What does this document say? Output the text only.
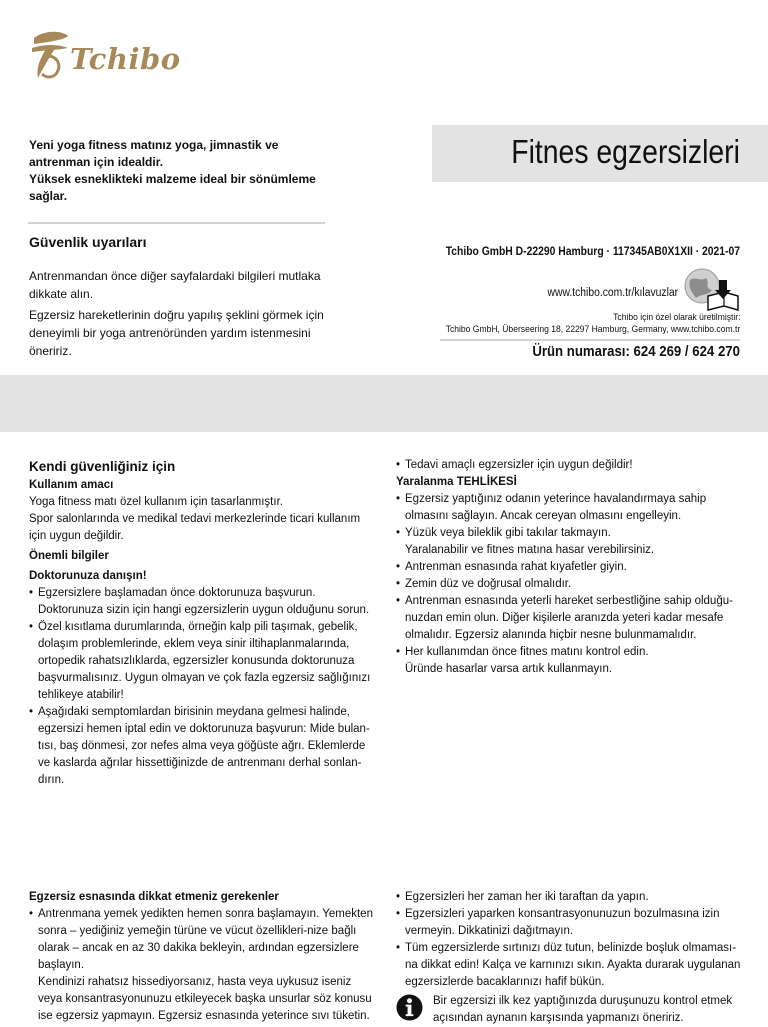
Tchibo

Yeni yoga fitness matınız yoga, jimnastik ve antrenman için idealdir.

Yüksek esneklikteki malzeme ideal bir sönümleme sağlar.

Fitnes egzersizleri
Güvenlik uyarıları

Antrenmandan önce diğer sayfalardaki bilgileri mutlaka dikkate alın.

Egzersiz hareketlerinin doğru yapılış şeklini görmek için deneyimli bir yoga antrenöründen yardım istenmesini öneririz.

Tchibo GmbH D-22290 Hamburg · 117345AB0X1XII · 2021-07
www.tchibo.com.tr/kılavuzlar
Tchibo için özel olarak üretilmiştir:
Tchibo GmbH, Überseering 18, 22297 Hamburg, Germany, www.tchibo.com.tr
Ürün numarası: 624 269 / 624 270

Kendi güvenliğiniz için

Kullanım amacı

Yoga fitness matı özel kullanım için tasarlanmıştır.

Spor salonlarında ve medikal tedavi merkezlerinde ticari kullanım için uygun değildir.

Önemli bilgiler

Doktorunuza danışın!

• Egzersizlere başlamadan önce doktorunuza başvurun. Doktorunuza sizin için hangi egzersizlerin uygun olduğunu sorun.
• Özel kısıtlama durumlarında, örneğin kalp pili taşımak, gebelik, dolaşım problemlerinde, eklem veya sinir iltihaplanmalarında, ortopedik rahatsızlıklarda, egzersizler konusunda doktorunuza başvurmalısınız. Uygun olmayan ve çok fazla egzersiz sağlığınızı tehlikeye atabilir!
• Aşağıdaki semptomlardan birisinin meydana gelmesi halinde, egzersizi hemen iptal edin ve doktorunuza başvurun: Mide bulan-tısı, baş dönmesi, zor nefes alma veya göğüste ağrı. Eklemlerde ve kaslarda ağrılar hissettiğinizde de antrenmanı derhal sonlan-dırın.
• Tedavi amaçlı egzersizler için uygun değildir!

Yaralanma TEHLİKESİ

• Egzersiz yaptığınız odanın yeterince havalandırmaya sahip olmasını sağlayın. Ancak cereyan olmasını engelleyin.
• Yüzük veya bileklik gibi takılar takmayın.
Yaralanabilir ve fitnes matına hasar verebilirsiniz.
• Antrenman esnasında rahat kıyafetler giyin.
• Zemin düz ve doğrusal olmalıdır.
• Antrenman esnasında yeterli hareket serbestliğine sahip olduğu-nuzdan emin olun. Diğer kişilerle aranızda yeteri kadar mesafe olmalıdır. Egzersiz alanında hiçbir nesne bulunmamalıdır.
• Her kullanımdan önce fitnes matını kontrol edin.
Üründe hasarlar varsa artık kullanmayın.

Egzersiz esnasında dikkat etmeniz gerekenler

• Antrenmana yemek yedikten hemen sonra başlamayın. Yemekten sonra – yediğiniz yemeğin türüne ve vücut özellikleri-nize bağlı olarak – ancak en az 30 dakika bekleyin, ardından egzersizlere başlayın.

Kendinizi rahatsız hissediyorsanız, hasta veya uykusuz iseniz veya konsantrasyonunuzu etkileyecek başka unsurlar söz konusu ise egzersiz yapmayın. Egzersiz esnasında yeterince sıvı tüketin.

• Egzersizleri her zaman her iki taraftan da yapın.
• Egzersizleri yaparken konsantrasyonunuzun bozulmasına izin vermeyin. Dikkatinizi dağıtmayın.
• Tüm egzersizlerde sırtınızı düz tutun, belinizde boşluk olmaması-na dikkat edin! Kalça ve karnınızı sıkın. Ayakta durarak uygulanan egzersizlerde bacaklarınızı hafif bükün.
Bir egzersizi ilk kez yaptığınızda duruşunuzu kontrol etmek açısından aynanın karşısında yapmanızı öneririz.
